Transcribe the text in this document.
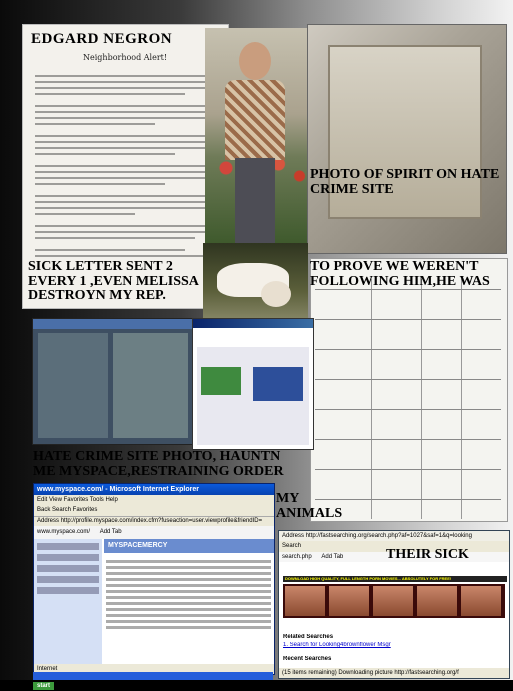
EDGARD NEGRON
Neighborhood Alert!
www.myspace.com/ - Microsoft Internet Explorer
Edit View Favorites Tools Help
Back Search Favorites
Address http://profile.myspace.com/index.cfm?fuseaction=user.viewprofile&friendID=
www.myspace.com/ Add Tab
MYSPACEMERCY
Internet
start
Address http://fastsearching.org/search.php?af=1027&saf=1&q=looking
Search
search.php Add Tab
DOWNLOAD HIGH QUALITY, FULL LENGTH PORN MOVIES... ABSOLUTELY FOR FREE!
Related Searches
1. Search for Looking4brownflower Msgr
Recent Searches
(15 items remaining) Downloading picture http://fastsearching.org/f
PHOTO OF SPIRIT ON HATE CRIME SITE
SICK LETTER SENT 2 EVERY 1 ,EVEN MELISSA DESTROYN MY REP.
TO PROVE WE WEREN'T FOLLOWING HIM,HE WAS
HATE CRIME SITE PHOTO, HAUNTN ME MYSPACE,RESTRAINING ORDER
MY ANIMALS
THEIR SICK
